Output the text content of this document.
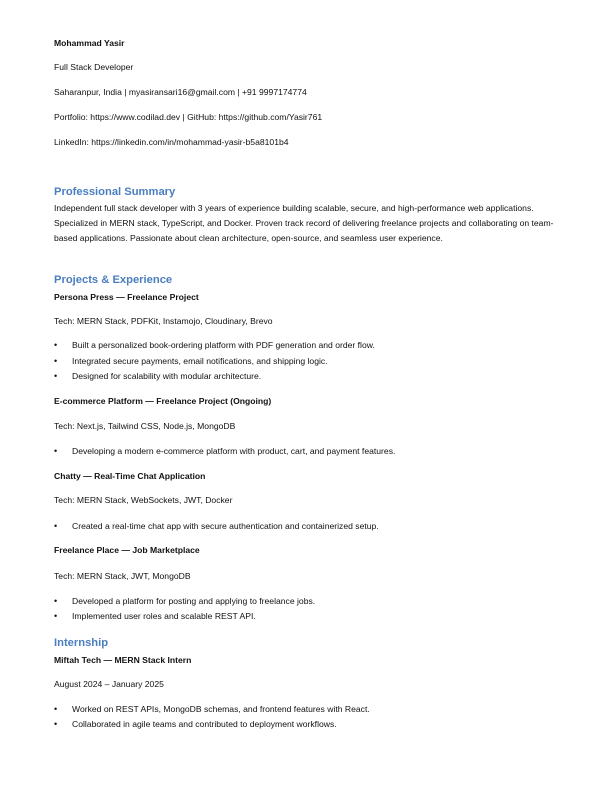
Mohammad Yasir
Full Stack Developer
Saharanpur, India | myasiransari16@gmail.com | +91 9997174774
Portfolio: https://www.codilad.dev | GitHub: https://github.com/Yasir761
LinkedIn: https://linkedin.com/in/mohammad-yasir-b5a8101b4
Professional Summary
Independent full stack developer with 3 years of experience building scalable, secure, and high-performance web applications. Specialized in MERN stack, TypeScript, and Docker. Proven track record of delivering freelance projects and collaborating on team-based applications. Passionate about clean architecture, open-source, and seamless user experience.
Projects & Experience
Persona Press — Freelance Project
Tech: MERN Stack, PDFKit, Instamojo, Cloudinary, Brevo
•	Built a personalized book-ordering platform with PDF generation and order flow.
•	Integrated secure payments, email notifications, and shipping logic.
•	Designed for scalability with modular architecture.
E-commerce Platform — Freelance Project (Ongoing)
Tech: Next.js, Tailwind CSS, Node.js, MongoDB
•	Developing a modern e-commerce platform with product, cart, and payment features.
Chatty — Real-Time Chat Application
Tech: MERN Stack, WebSockets, JWT, Docker
•	Created a real-time chat app with secure authentication and containerized setup.
Freelance Place — Job Marketplace
Tech: MERN Stack, JWT, MongoDB
•	Developed a platform for posting and applying to freelance jobs.
•	Implemented user roles and scalable REST API.
Internship
Miftah Tech — MERN Stack Intern
August 2024 – January 2025
•	Worked on REST APIs, MongoDB schemas, and frontend features with React.
•	Collaborated in agile teams and contributed to deployment workflows.
